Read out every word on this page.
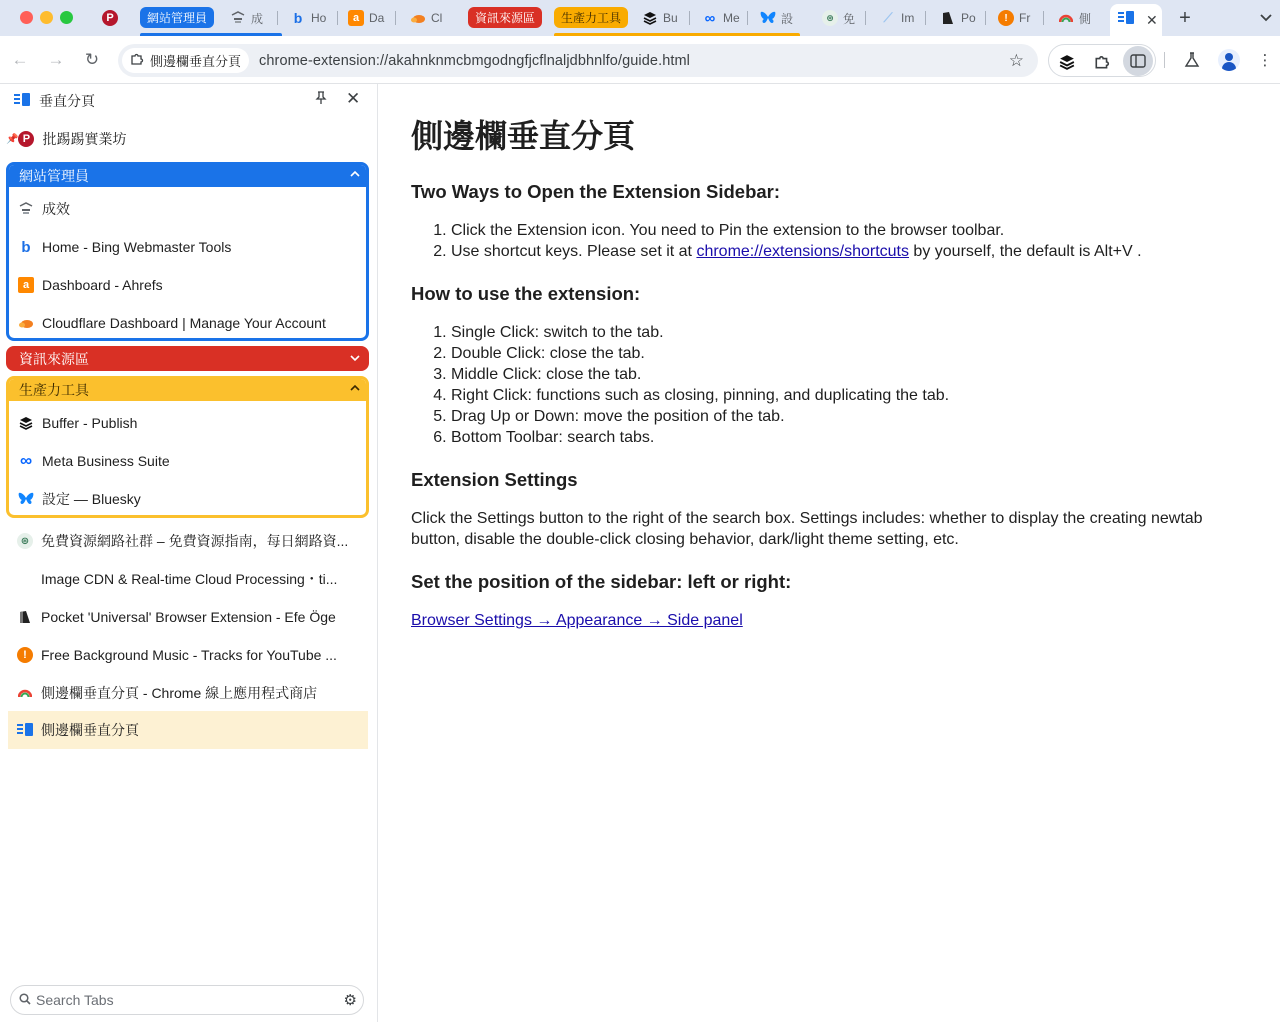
P	網站管理員	成 b Ho	a Da	Cl	資訊來源區	生產力工具	Bu ∞ Me	設	⊛ 免 ⟋ Im	Po	! Fr	側	✕ +
← → ↻	側邊欄垂直分頁 chrome-extension://akahnknmcbmgodngfjcflnaljdbhnlfo/guide.html	☆	⋮
垂直分頁	✕
📌 P 批踢踢實業坊
網站管理員
成效
b Home - Bing Webmaster Tools
a Dashboard - Ahrefs
Cloudflare Dashboard | Manage Your Account
資訊來源區
生產力工具
Buffer - Publish
∞ Meta Business Suite
設定 — Bluesky
⊛ 免費資源網路社群 – 免費資源指南，每日網路資...
Image CDN & Real-time Cloud Processing・ti...
Pocket 'Universal' Browser Extension - Efe Öge
!	Free Background Music - Tracks for YouTube ...
側邊欄垂直分頁 - Chrome 線上應用程式商店
側邊欄垂直分頁
Search Tabs
⚙
側邊欄垂直分頁
Two Ways to Open the Extension Sidebar:
1. Click the Extension icon. You need to Pin the extension to the browser toolbar.
2. Use shortcut keys. Please set it at chrome://extensions/shortcuts by yourself, the default is Alt+V .
How to use the extension:
1. Single Click: switch to the tab.
2. Double Click: close the tab.
3. Middle Click: close the tab.
4. Right Click: functions such as closing, pinning, and duplicating the tab.
5. Drag Up or Down: move the position of the tab.
6. Bottom Toolbar: search tabs.
Extension Settings

Click the Settings button to the right of the search box. Settings includes: whether to display the creating newtab button, disable the double-click closing behavior, dark/light theme setting, etc.

Set the position of the sidebar: left or right:

Browser Settings → Appearance → Side panel
